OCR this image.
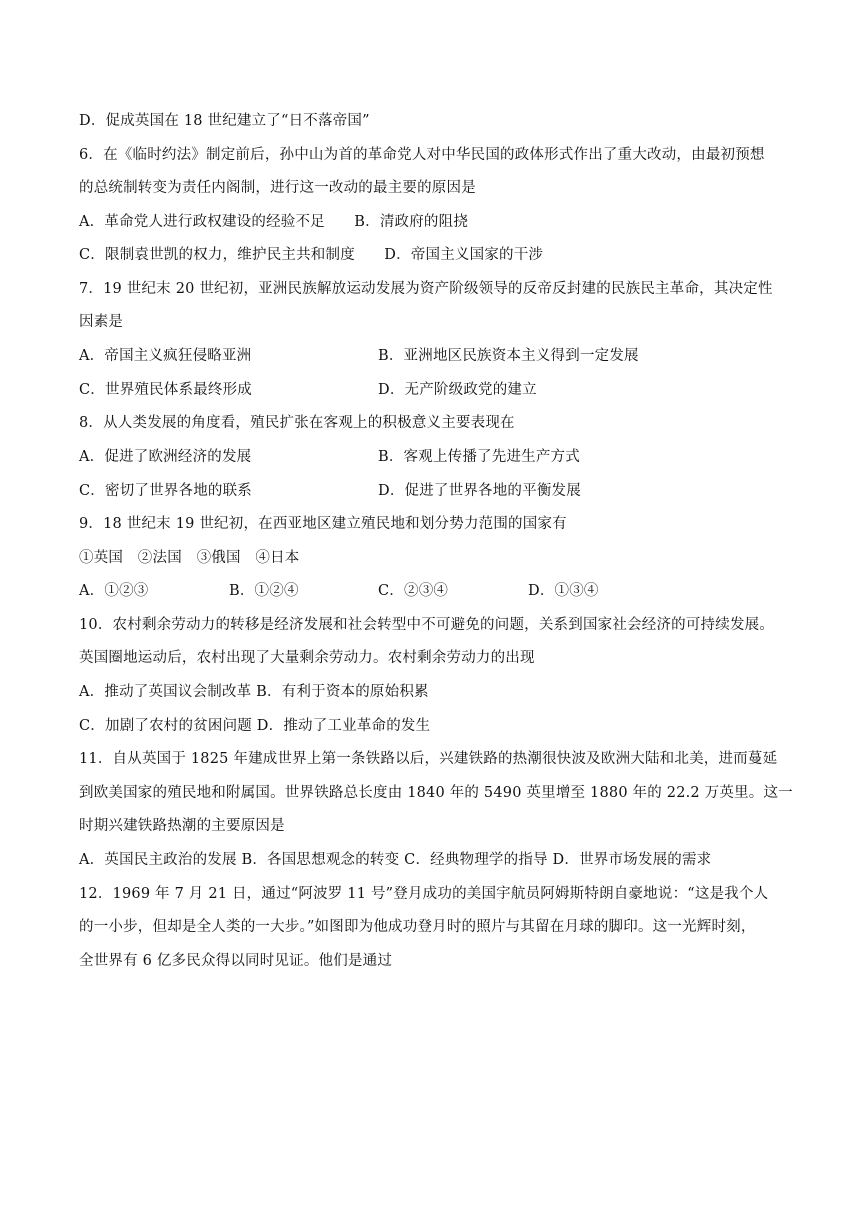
D．促成英国在 18 世纪建立了“日不落帝国”
6．在《临时约法》制定前后，孙中山为首的革命党人对中华民国的政体形式作出了重大改动，由最初预想
的总统制转变为责任内阁制，进行这一改动的最主要的原因是
A．革命党人进行政权建设的经验不足　　B．清政府的阻挠
C．限制袁世凯的权力，维护民主共和制度　　D．帝国主义国家的干涉
7．19 世纪末 20 世纪初，亚洲民族解放运动发展为资产阶级领导的反帝反封建的民族民主革命，其决定性
因素是
A．帝国主义疯狂侵略亚洲	B．亚洲地区民族资本主义得到一定发展
C．世界殖民体系最终形成	D．无产阶级政党的建立
8．从人类发展的角度看，殖民扩张在客观上的积极意义主要表现在
A．促进了欧洲经济的发展	B．客观上传播了先进生产方式
C．密切了世界各地的联系	D．促进了世界各地的平衡发展
9．18 世纪末 19 世纪初，在西亚地区建立殖民地和划分势力范围的国家有
①英国　②法国　③俄国　④日本
A．①②③	B．①②④	C．②③④	D．①③④
10．农村剩余劳动力的转移是经济发展和社会转型中不可避免的问题，关系到国家社会经济的可持续发展。
英国圈地运动后，农村出现了大量剩余劳动力。农村剩余劳动力的出现
A．推动了英国议会制改革 B．有利于资本的原始积累
C．加剧了农村的贫困问题 D．推动了工业革命的发生
11．自从英国于 1825 年建成世界上第一条铁路以后，兴建铁路的热潮很快波及欧洲大陆和北美，进而蔓延
到欧美国家的殖民地和附属国。世界铁路总长度由 1840 年的 5490 英里增至 1880 年的 22.2 万英里。这一
时期兴建铁路热潮的主要原因是
A．英国民主政治的发展 B．各国思想观念的转变 C．经典物理学的指导 D．世界市场发展的需求
12．1969 年 7 月 21 日，通过“阿波罗 11 号”登月成功的美国宇航员阿姆斯特朗自豪地说：“这是我个人
的一小步，但却是全人类的一大步。”如图即为他成功登月时的照片与其留在月球的脚印。这一光辉时刻，
全世界有 6 亿多民众得以同时见证。他们是通过
